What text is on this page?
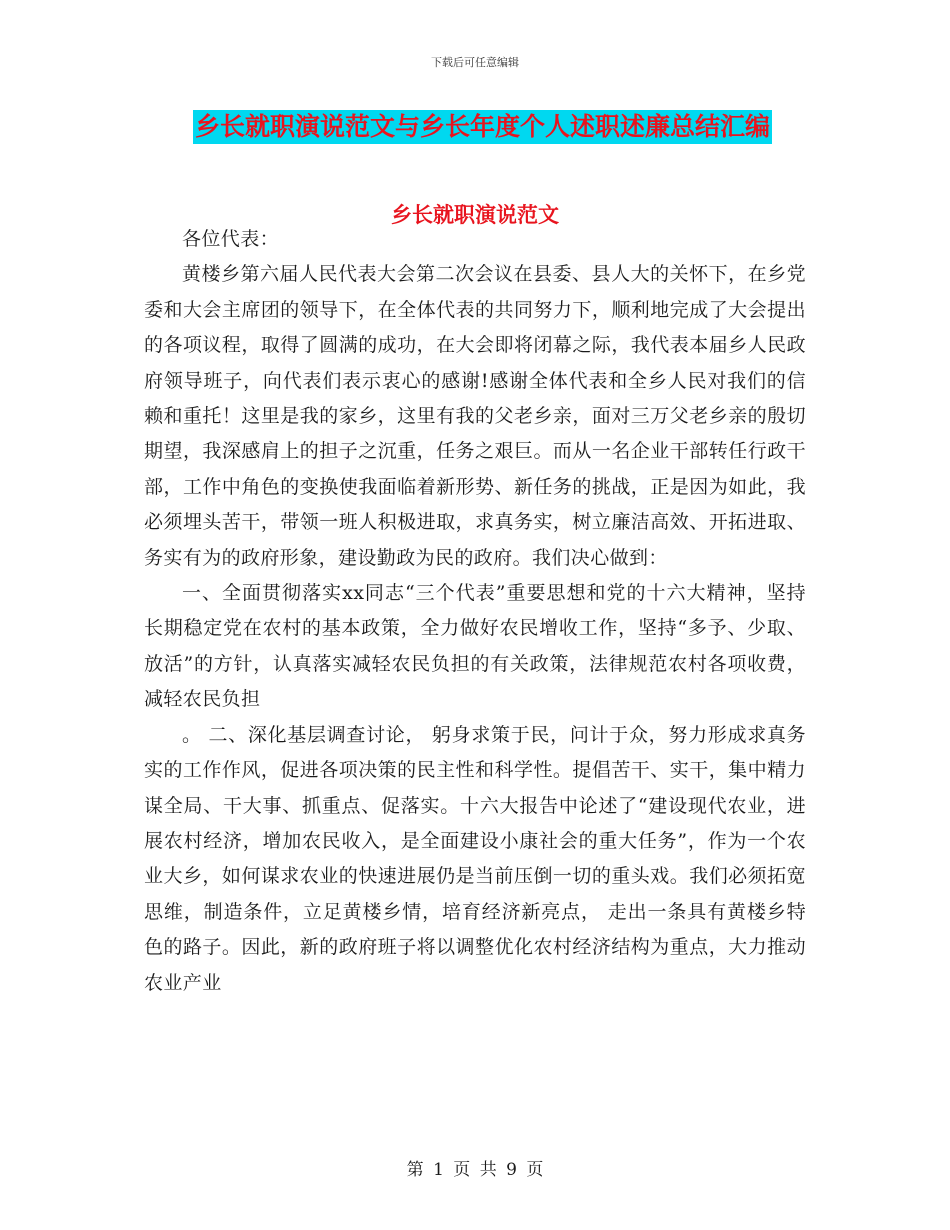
下载后可任意编辑
乡长就职演说范文与乡长年度个人述职述廉总结汇编
乡长就职演说范文

各位代表：

黄楼乡第六届人民代表大会第二次会议在县委、县人大的关怀下，在乡党委和大会主席团的领导下，在全体代表的共同努力下，顺利地完成了大会提出的各项议程，取得了圆满的成功，在大会即将闭幕之际，我代表本届乡人民政府领导班子，向代表们表示衷心的感谢!感谢全体代表和全乡人民对我们的信赖和重托！这里是我的家乡，这里有我的父老乡亲，面对三万父老乡亲的殷切期望，我深感肩上的担子之沉重，任务之艰巨。而从一名企业干部转任行政干部，工作中角色的变换使我面临着新形势、新任务的挑战，正是因为如此，我必须埋头苦干，带领一班人积极进取，求真务实，树立廉洁高效、开拓进取、务实有为的政府形象，建设勤政为民的政府。我们决心做到：

一、全面贯彻落实xx同志“三个代表”重要思想和党的十六大精神，坚持长期稳定党在农村的基本政策，全力做好农民增收工作，坚持“多予、少取、放活”的方针，认真落实减轻农民负担的有关政策，法律规范农村各项收费，减轻农民负担

。 二、深化基层调查讨论， 躬身求策于民，问计于众，努力形成求真务实的工作作风，促进各项决策的民主性和科学性。提倡苦干、实干，集中精力谋全局、干大事、抓重点、促落实。十六大报告中论述了“建设现代农业，进展农村经济，增加农民收入，是全面建设小康社会的重大任务”，作为一个农业大乡，如何谋求农业的快速进展仍是当前压倒一切的重头戏。我们必须拓宽思维，制造条件，立足黄楼乡情，培育经济新亮点， 走出一条具有黄楼乡特色的路子。因此，新的政府班子将以调整优化农村经济结构为重点，大力推动农业产业

第 1 页 共 9 页
